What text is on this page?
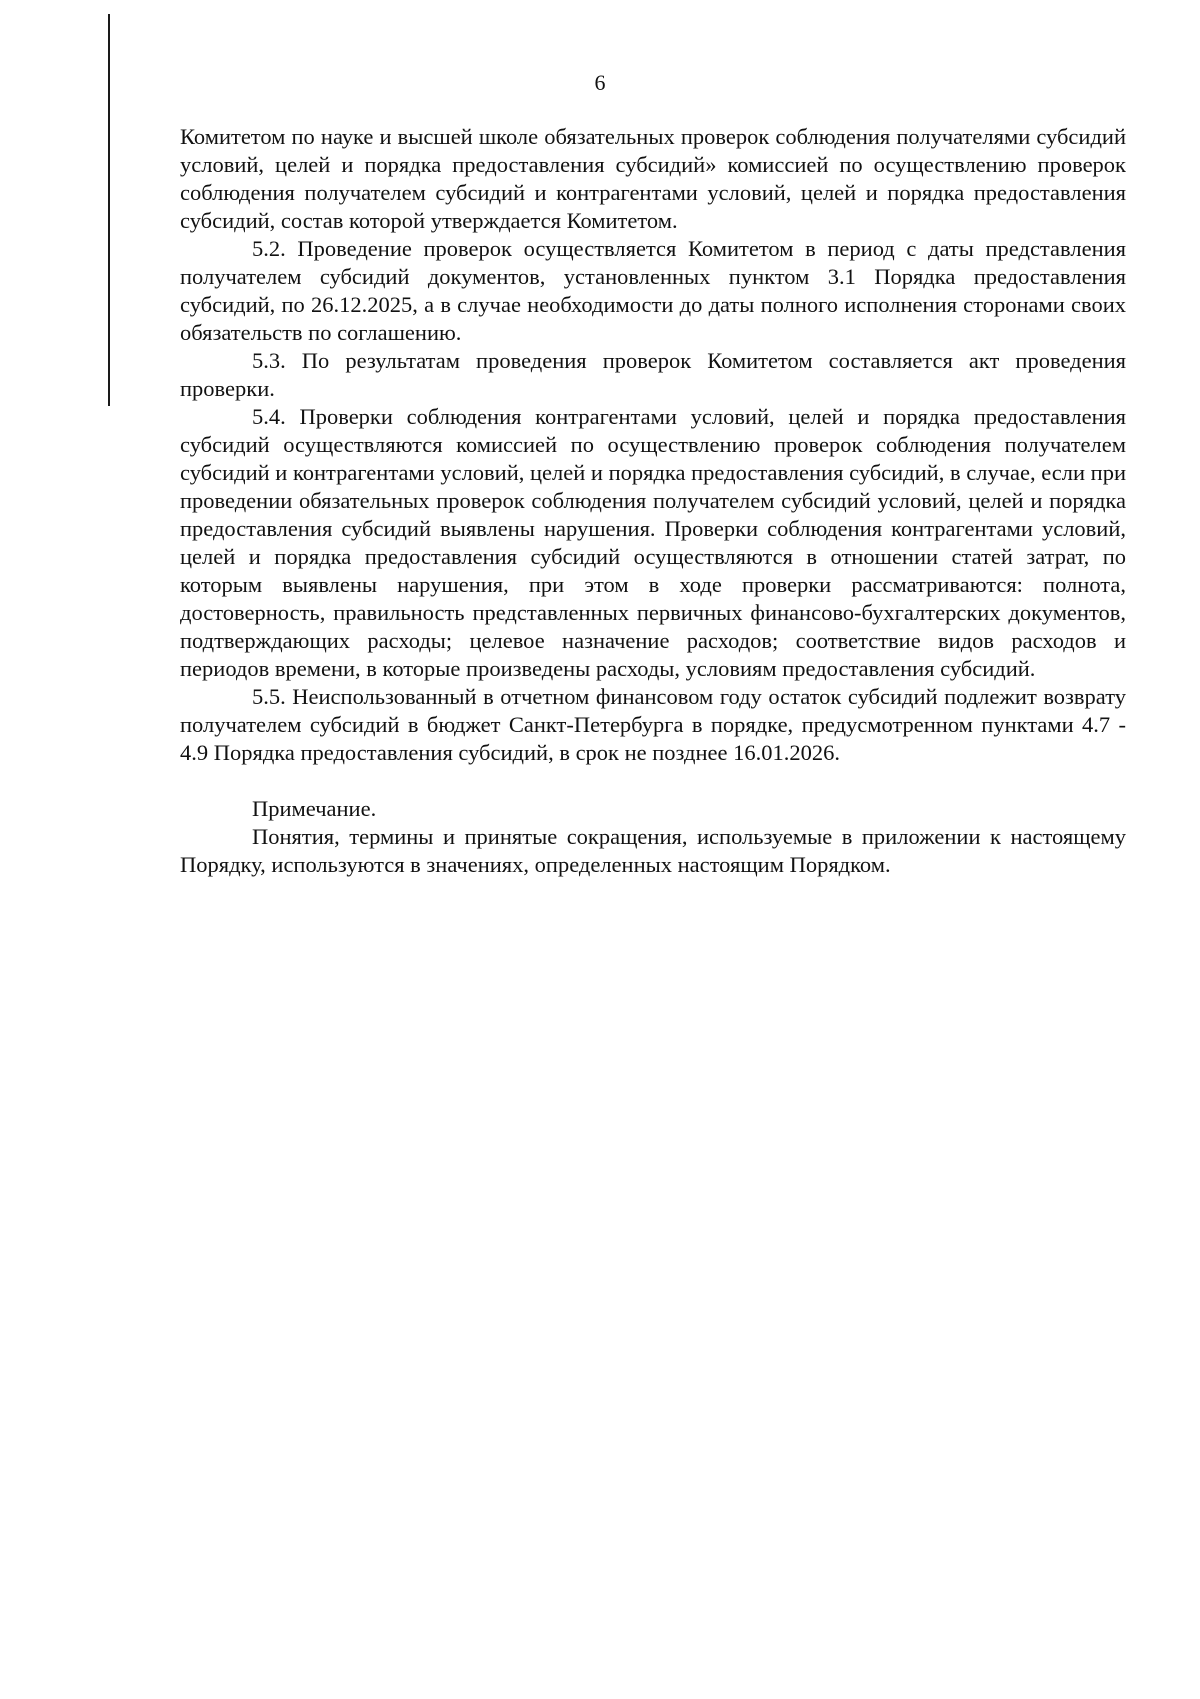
6

Комитетом по науке и высшей школе обязательных проверок соблюдения получателями субсидий условий, целей и порядка предоставления субсидий» комиссией по осуществлению проверок соблюдения получателем субсидий и контрагентами условий, целей и порядка предоставления субсидий, состав которой утверждается Комитетом.

5.2. Проведение проверок осуществляется Комитетом в период с даты представления получателем субсидий документов, установленных пунктом 3.1 Порядка предоставления субсидий, по 26.12.2025, а в случае необходимости до даты полного исполнения сторонами своих обязательств по соглашению.

5.3. По результатам проведения проверок Комитетом составляется акт проведения проверки.

5.4. Проверки соблюдения контрагентами условий, целей и порядка предоставления субсидий осуществляются комиссией по осуществлению проверок соблюдения получателем субсидий и контрагентами условий, целей и порядка предоставления субсидий, в случае, если при проведении обязательных проверок соблюдения получателем субсидий условий, целей и порядка предоставления субсидий выявлены нарушения. Проверки соблюдения контрагентами условий, целей и порядка предоставления субсидий осуществляются в отношении статей затрат, по которым выявлены нарушения, при этом в ходе проверки рассматриваются: полнота, достоверность, правильность представленных первичных финансово-бухгалтерских документов, подтверждающих расходы; целевое назначение расходов; соответствие видов расходов и периодов времени, в которые произведены расходы, условиям предоставления субсидий.

5.5. Неиспользованный в отчетном финансовом году остаток субсидий подлежит возврату получателем субсидий в бюджет Санкт-Петербурга в порядке, предусмотренном пунктами 4.7 - 4.9 Порядка предоставления субсидий, в срок не позднее 16.01.2026.

Примечание.

Понятия, термины и принятые сокращения, используемые в приложении к настоящему Порядку, используются в значениях, определенных настоящим Порядком.
